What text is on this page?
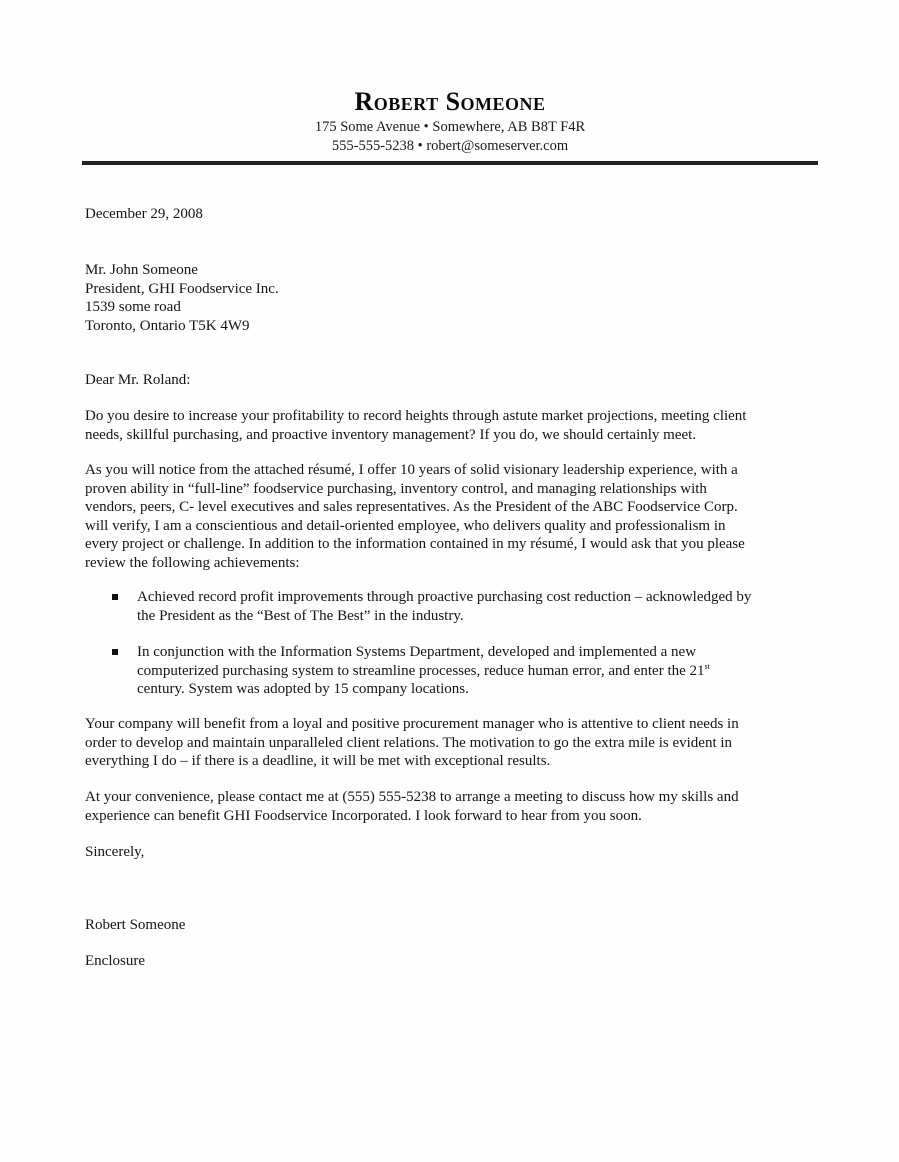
Robert Someone
175 Some Avenue • Somewhere, AB B8T F4R
555-555-5238 • robert@someserver.com
December 29, 2008
Mr. John Someone
President, GHI Foodservice Inc.
1539 some road
Toronto, Ontario T5K 4W9
Dear Mr. Roland:
Do you desire to increase your profitability to record heights through astute market projections, meeting client
needs, skillful purchasing, and proactive inventory management? If you do, we should certainly meet.
As you will notice from the attached résumé, I offer 10 years of solid visionary leadership experience, with a
proven ability in “full-line” foodservice purchasing, inventory control, and managing relationships with
vendors, peers, C- level executives and sales representatives. As the President of the ABC Foodservice Corp.
will verify, I am a conscientious and detail-oriented employee, who delivers quality and professionalism in
every project or challenge. In addition to the information contained in my résumé, I would ask that you please
review the following achievements:
Achieved record profit improvements through proactive purchasing cost reduction – acknowledged by
the President as the “Best of The Best” in the industry.
In conjunction with the Information Systems Department, developed and implemented a new
computerized purchasing system to streamline processes, reduce human error, and enter the 21st
century. System was adopted by 15 company locations.
Your company will benefit from a loyal and positive procurement manager who is attentive to client needs in
order to develop and maintain unparalleled client relations. The motivation to go the extra mile is evident in
everything I do – if there is a deadline, it will be met with exceptional results.
At your convenience, please contact me at (555) 555-5238 to arrange a meeting to discuss how my skills and
experience can benefit GHI Foodservice Incorporated. I look forward to hear from you soon.
Sincerely,
Robert Someone
Enclosure
